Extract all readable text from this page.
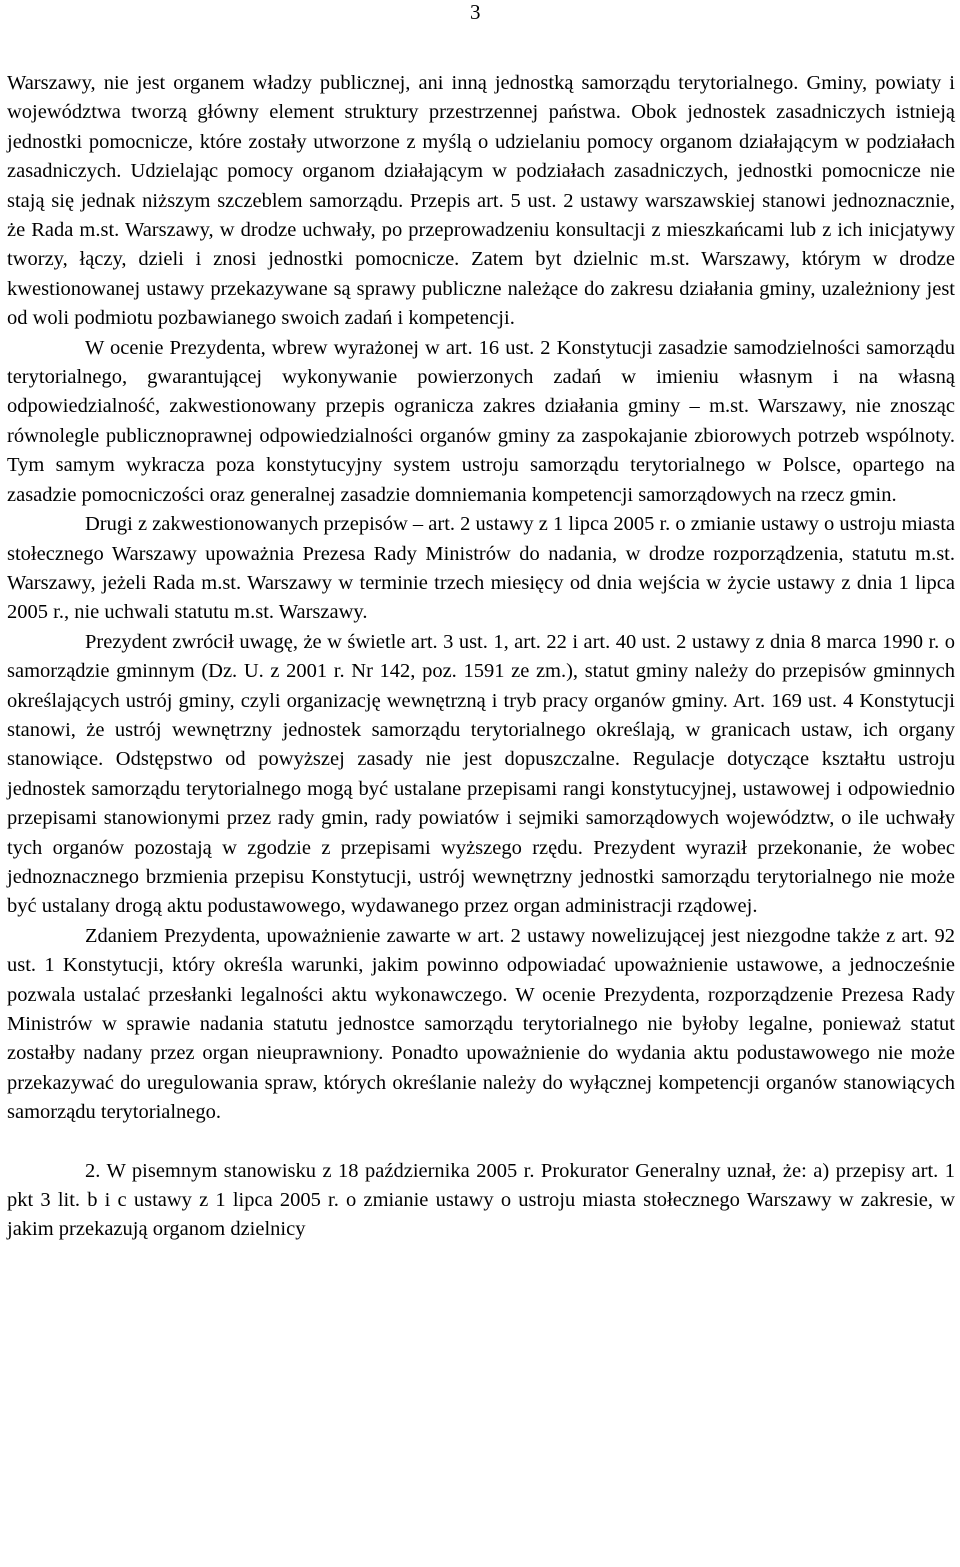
3

Warszawy, nie jest organem władzy publicznej, ani inną jednostką samorządu terytorialnego. Gminy, powiaty i województwa tworzą główny element struktury przestrzennej państwa. Obok jednostek zasadniczych istnieją jednostki pomocnicze, które zostały utworzone z myślą o udzielaniu pomocy organom działającym w podziałach zasadniczych. Udzielając pomocy organom działającym w podziałach zasadniczych, jednostki pomocnicze nie stają się jednak niższym szczeblem samorządu. Przepis art. 5 ust. 2 ustawy warszawskiej stanowi jednoznacznie, że Rada m.st. Warszawy, w drodze uchwały, po przeprowadzeniu konsultacji z mieszkańcami lub z ich inicjatywy tworzy, łączy, dzieli i znosi jednostki pomocnicze. Zatem byt dzielnic m.st. Warszawy, którym w drodze kwestionowanej ustawy przekazywane są sprawy publiczne należące do zakresu działania gminy, uzależniony jest od woli podmiotu pozbawianego swoich zadań i kompetencji.

W ocenie Prezydenta, wbrew wyrażonej w art. 16 ust. 2 Konstytucji zasadzie samodzielności samorządu terytorialnego, gwarantującej wykonywanie powierzonych zadań w imieniu własnym i na własną odpowiedzialność, zakwestionowany przepis ogranicza zakres działania gminy – m.st. Warszawy, nie znosząc równolegle publicznoprawnej odpowiedzialności organów gminy za zaspokajanie zbiorowych potrzeb wspólnoty. Tym samym wykracza poza konstytucyjny system ustroju samorządu terytorialnego w Polsce, opartego na zasadzie pomocniczości oraz generalnej zasadzie domniemania kompetencji samorządowych na rzecz gmin.

Drugi z zakwestionowanych przepisów – art. 2 ustawy z 1 lipca 2005 r. o zmianie ustawy o ustroju miasta stołecznego Warszawy upoważnia Prezesa Rady Ministrów do nadania, w drodze rozporządzenia, statutu m.st. Warszawy, jeżeli Rada m.st. Warszawy w terminie trzech miesięcy od dnia wejścia w życie ustawy z dnia 1 lipca 2005 r., nie uchwali statutu m.st. Warszawy.

Prezydent zwrócił uwagę, że w świetle art. 3 ust. 1, art. 22 i art. 40 ust. 2 ustawy z dnia 8 marca 1990 r. o samorządzie gminnym (Dz. U. z 2001 r. Nr 142, poz. 1591 ze zm.), statut gminy należy do przepisów gminnych określających ustrój gminy, czyli organizację wewnętrzną i tryb pracy organów gminy. Art. 169 ust. 4 Konstytucji stanowi, że ustrój wewnętrzny jednostek samorządu terytorialnego określają, w granicach ustaw, ich organy stanowiące. Odstępstwo od powyższej zasady nie jest dopuszczalne. Regulacje dotyczące kształtu ustroju jednostek samorządu terytorialnego mogą być ustalane przepisami rangi konstytucyjnej, ustawowej i odpowiednio przepisami stanowionymi przez rady gmin, rady powiatów i sejmiki samorządowych województw, o ile uchwały tych organów pozostają w zgodzie z przepisami wyższego rzędu. Prezydent wyraził przekonanie, że wobec jednoznacznego brzmienia przepisu Konstytucji, ustrój wewnętrzny jednostki samorządu terytorialnego nie może być ustalany drogą aktu podustawowego, wydawanego przez organ administracji rządowej.

Zdaniem Prezydenta, upoważnienie zawarte w art. 2 ustawy nowelizującej jest niezgodne także z art. 92 ust. 1 Konstytucji, który określa warunki, jakim powinno odpowiadać upoważnienie ustawowe, a jednocześnie pozwala ustalać przesłanki legalności aktu wykonawczego. W ocenie Prezydenta, rozporządzenie Prezesa Rady Ministrów w sprawie nadania statutu jednostce samorządu terytorialnego nie byłoby legalne, ponieważ statut zostałby nadany przez organ nieuprawniony. Ponadto upoważnienie do wydania aktu podustawowego nie może przekazywać do uregulowania spraw, których określanie należy do wyłącznej kompetencji organów stanowiących samorządu terytorialnego.

2. W pisemnym stanowisku z 18 października 2005 r. Prokurator Generalny uznał, że: a) przepisy art. 1 pkt 3 lit. b i c ustawy z 1 lipca 2005 r. o zmianie ustawy o ustroju miasta stołecznego Warszawy w zakresie, w jakim przekazują organom dzielnicy
